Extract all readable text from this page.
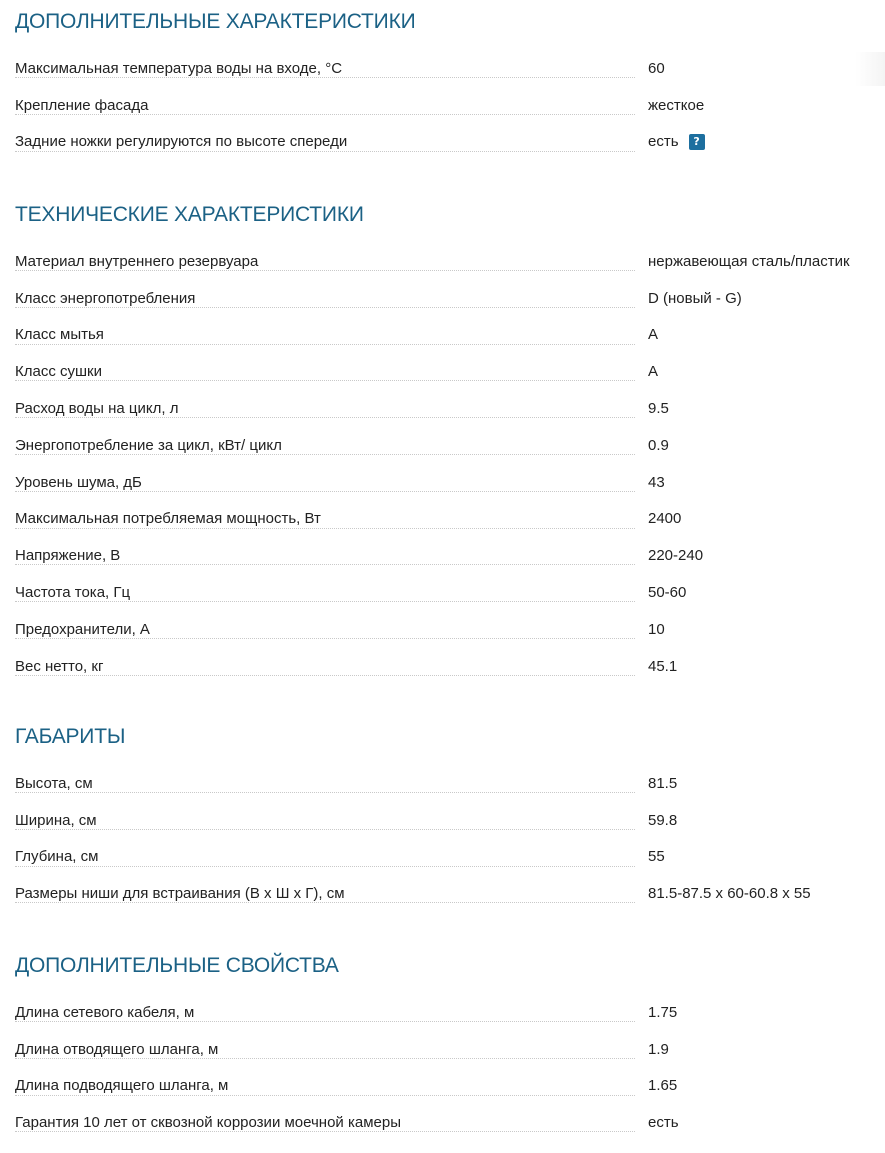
ДОПОЛНИТЕЛЬНЫЕ ХАРАКТЕРИСТИКИ
Максимальная температура воды на входе, °C	60
Крепление фасада	жесткое
Задние ножки регулируются по высоте спереди	есть	?
ТЕХНИЧЕСКИЕ ХАРАКТЕРИСТИКИ
Материал внутреннего резервуара	нержавеющая сталь/пластик
Класс энергопотребления	D (новый - G)
Класс мытья	A
Класс сушки	A
Расход воды на цикл, л	9.5
Энергопотребление за цикл, кВт/ цикл	0.9
Уровень шума, дБ	43
Максимальная потребляемая мощность, Вт	2400
Напряжение, В	220-240
Частота тока, Гц	50-60
Предохранители, А	10
Вес нетто, кг	45.1
ГАБАРИТЫ
Высота, см	81.5
Ширина, см	59.8
Глубина, см	55
Размеры ниши для встраивания (В х Ш х Г), см	81.5-87.5 x 60-60.8 x 55
ДОПОЛНИТЕЛЬНЫЕ СВОЙСТВА
Длина сетевого кабеля, м	1.75
Длина отводящего шланга, м	1.9
Длина подводящего шланга, м	1.65
Гарантия 10 лет от сквозной коррозии моечной камеры	есть
